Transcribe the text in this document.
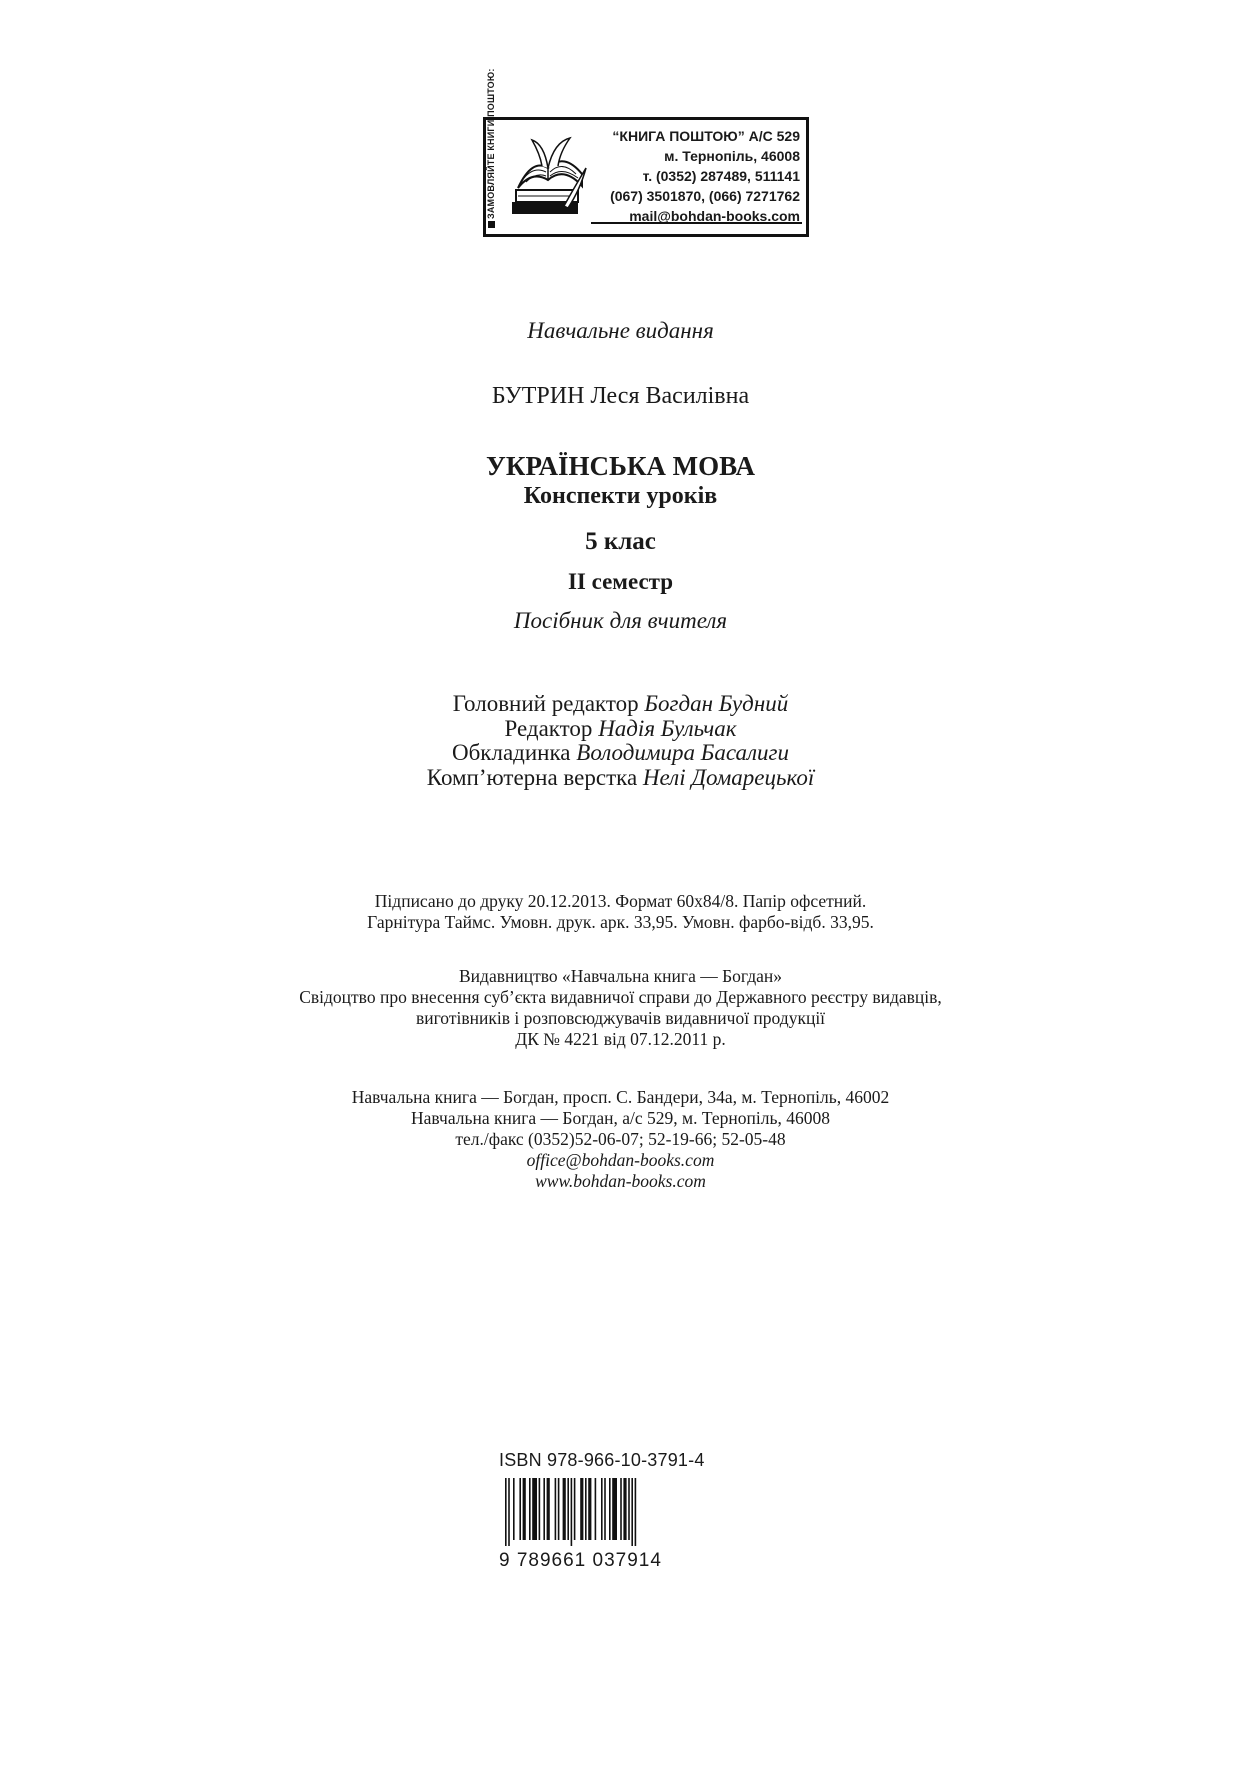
ЗАМОВЛЯЙТЕ КНИГИ ПОШТОЮ:	“КНИГА ПОШТОЮ” А/С 529
м. Тернопіль, 46008
т. (0352) 287489, 511141
(067) 3501870, (066) 7271762
mail@bohdan-books.com
Навчальне видання
БУТРИН Леся Василівна
УКРАЇНСЬКА МОВА
Конспекти уроків
5 клас
ІІ семестр
Посібник для вчителя
Головний редактор Богдан Будний
Редактор Надія Бульчак
Обкладинка Володимира Басалиги
Комп’ютерна верстка Нелі Домарецької
Підписано до друку 20.12.2013. Формат 60х84/8. Папір офсетний.
Гарнітура Таймс. Умовн. друк. арк. 33,95. Умовн. фарбо-відб. 33,95.
Видавництво «Навчальна книга — Богдан»
Свідоцтво про внесення суб’єкта видавничої справи до Державного реєстру видавців,
виготівників і розповсюджувачів видавничої продукції
ДК № 4221 від 07.12.2011 р.
Навчальна книга — Богдан, просп. С. Бандери, 34а, м. Тернопіль, 46002
Навчальна книга — Богдан, а/с 529, м. Тернопіль, 46008
тел./факс (0352)52-06-07; 52-19-66; 52-05-48
office@bohdan-books.com
www.bohdan-books.com
ISBN 978-966-10-3791-4
9 789661 037914
